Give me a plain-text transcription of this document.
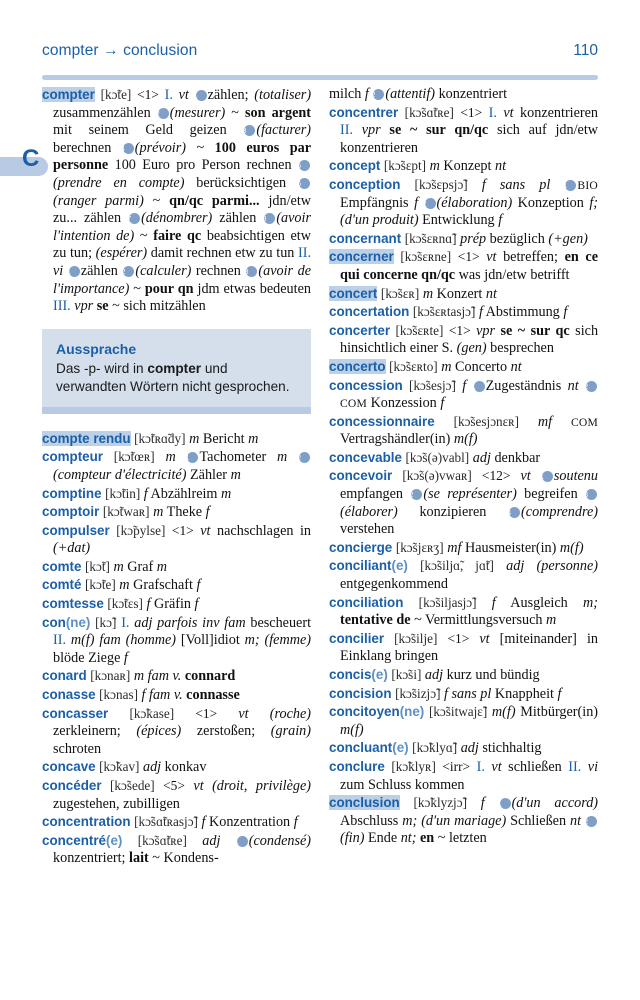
compter → conclusion	110
C

compter [kɔ̃te] <1> I. vt 1 zählen; (totaliser) zusammenzählen 2 (mesurer) ~ son argent mit seinem Geld geizen 3 (facturer) berechnen 4 (prévoir) ~ 100 euros par personne 100 Euro pro Person rechnen 5(prendre en compte) berücksichtigen 6(ranger parmi) ~ qn/qc parmi... jdn/etw zu... zählen 7 (dénombrer) zählen 8 (avoir l'intention de) ~ faire qc beabsichtigen etw zu tun; (espérer) damit rechnen etw zu tun II. vi 1 zählen 2 (calculer) rechnen 3 (avoir de l'importance) ~ pour qn jdm etwas bedeuten III. vpr se ~ sich mitzählen

Aussprache
Das -p- wird in compter und verwandten Wörtern nicht gesprochen.

compte rendu [kɔ̃tʀɑ̃dy] m Bericht m

compteur [kɔ̃tœʀ] m 1 Tachometer m 2(compteur d'électricité) Zähler m

comptine [kɔ̃tin] f Abzählreim m

comptoir [kɔ̃twaʀ] m Theke f

compulser [kɔ̃pylse] <1> vt nachschlagen in (+dat)

comte [kɔ̃t] m Graf m

comté [kɔ̃te] m Grafschaft f

comtesse [kɔ̃tɛs] f Gräfin f

con(ne) [kɔ̃] I. adj parfois inv fam bescheuert II. m(f) fam (homme) [Voll]idiot m; (femme) blöde Ziege f

conard [kɔnaʀ] m fam v. connard

conasse [kɔnas] f fam v. connasse

concasser [kɔ̃kase] <1> vt (roche) zerkleinern; (épices) zerstoßen; (grain) schroten

concave [kɔ̃kav] adj konkav

concéder [kɔ̃sede] <5> vt (droit, privilège) zugestehen, zubilligen

concentration [kɔ̃sɑ̃tʀasjɔ̃] f Konzentration f

concentré(e) [kɔ̃sɑ̃tʀe] adj 1 (condensé) konzentriert; lait ~ Kondens-

milch f 2 (attentif) konzentriert

concentrer [kɔ̃sɑ̃tʀe] <1> I. vt konzentrieren II. vpr se ~ sur qn/qc sich auf jdn/etw konzentrieren

concept [kɔ̃sɛpt] m Konzept nt

conception [kɔ̃sɛpsjɔ̃] f sans pl 1 BIO Empfängnis f 2 (élaboration) Konzeption f; (d'un produit) Entwicklung f

concernant [kɔ̃sɛʀnɑ̃] prép bezüglich (+gen)

concerner [kɔ̃sɛʀne] <1> vt betreffen; en ce qui concerne qn/qc was jdn/etw betrifft

concert [kɔ̃sɛʀ] m Konzert nt

concertation [kɔ̃sɛʀtasjɔ̃] f Abstimmung f

concerter [kɔ̃sɛʀte] <1> vpr se ~ sur qc sich hinsichtlich einer S. (gen) besprechen

concerto [kɔ̃sɛʀto] m Concerto nt

concession [kɔ̃sesjɔ̃] f 1 Zugeständnis nt 2COM Konzession f

concessionnaire [kɔ̃sesjɔnɛʀ] mf COM Vertragshändler(in) m(f)

concevable [kɔ̃s(ə)vabl] adj denkbar

concevoir [kɔ̃s(ə)vwaʀ] <12> vt 1 soutenu empfangen 2 (se représenter) begreifen 3(élaborer) konzipieren 4 (comprendre) verstehen

concierge [kɔ̃sjɛʀʒ] mf Hausmeister(in) m(f)

conciliant(e) [kɔ̃siljɑ̃, jɑ̃t] adj (personne) entgegenkommend

conciliation [kɔ̃siljasjɔ̃] f Ausgleich m; tentative de ~ Vermittlungsversuch m

concilier [kɔ̃silje] <1> vt [miteinander] in Einklang bringen

concis(e) [kɔ̃si] adj kurz und bündig

concision [kɔ̃sizjɔ̃] f sans pl Knappheit f

concitoyen(ne) [kɔ̃sitwajɛ̃] m(f) Mitbürger(in) m(f)

concluant(e) [kɔ̃klyɑ̃] adj stichhaltig

conclure [kɔ̃klyʀ] <irr> I. vt schließen II. vi zum Schluss kommen

conclusion [kɔ̃klyzjɔ̃] f 1 (d'un accord) Abschluss m; (d'un mariage) Schließen nt 2(fin) Ende nt; en ~ letzten
